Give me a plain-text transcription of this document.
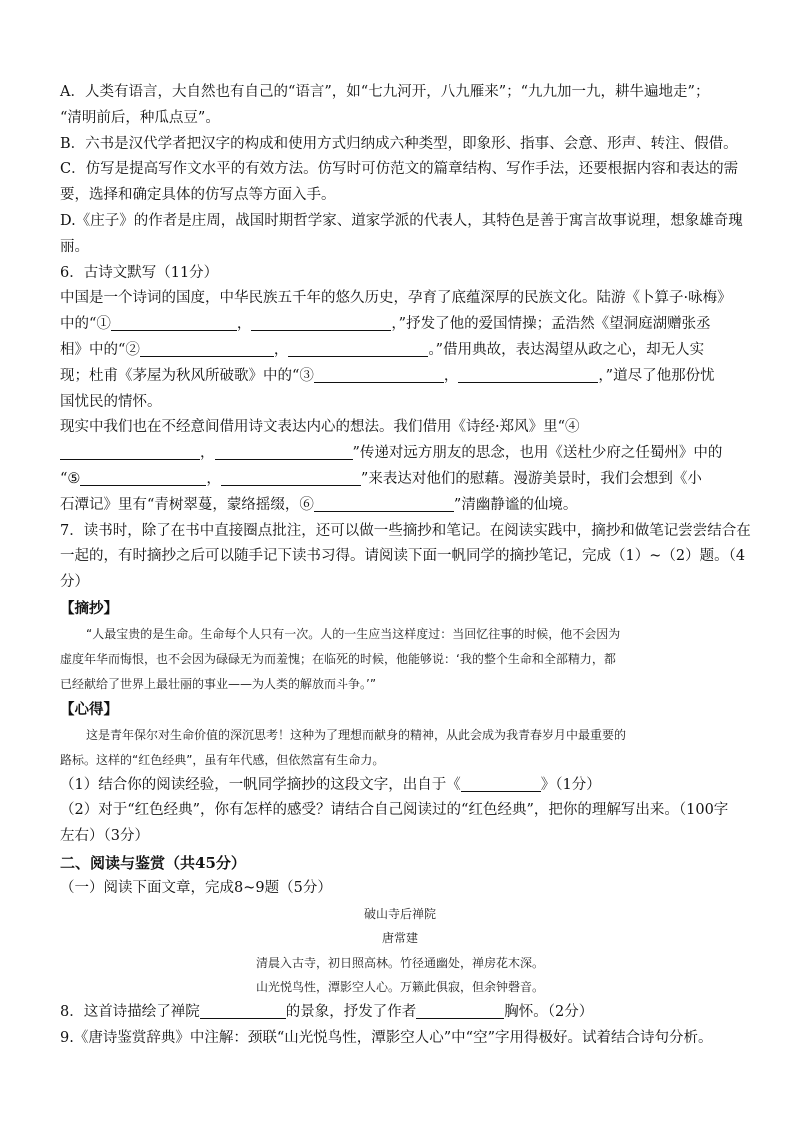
A．人类有语言，大自然也有自己的“语言”，如“七九河开，八九雁来”；“九九加一九，耕牛遍地走”；
“清明前后，种瓜点豆”。
B．六书是汉代学者把汉字的构成和使用方式归纳成六种类型，即象形、指事、会意、形声、转注、假借。
C．仿写是提高写作文水平的有效方法。仿写时可仿范文的篇章结构、写作手法，还要根据内容和表达的需
要，选择和确定具体的仿写点等方面入手。
D.《庄子》的作者是庄周，战国时期哲学家、道家学派的代表人，其特色是善于寓言故事说理，想象雄奇瑰
丽。
6．古诗文默写（11分）
中国是一个诗词的国度，中华民族五千年的悠久历史，孕育了底蕴深厚的民族文化。陆游《卜算子·咏梅》
中的“①	，	，”抒发了他的爱国情操；孟浩然《望洞庭湖赠张丞
相》中的“②	，	。”借用典故，表达渴望从政之心，却无人实
现；杜甫《茅屋为秋风所破歌》中的“③	，	，”道尽了他那份忧
国忧民的情怀。
现实中我们也在不经意间借用诗文表达内心的想法。我们借用《诗经·郑风》里“④
，	”传递对远方朋友的思念，也用《送杜少府之任蜀州》中的
“⑤	，	”来表达对他们的慰藉。漫游美景时，我们会想到《小
石潭记》里有“青树翠蔓，蒙络摇缀，⑥	”清幽静谧的仙境。
7．读书时，除了在书中直接圈点批注，还可以做一些摘抄和笔记。在阅读实践中，摘抄和做笔记尝尝结合在
一起的，有时摘抄之后可以随手记下读书习得。请阅读下面一帆同学的摘抄笔记，完成（1）~（2）题。（4
分）
【摘抄】
“人最宝贵的是生命。生命每个人只有一次。人的一生应当这样度过：当回忆往事的时候，他不会因为
虚度年华而悔恨，也不会因为碌碌无为而羞愧；在临死的时候，他能够说：‘我的整个生命和全部精力，都
已经献给了世界上最壮丽的事业——为人类的解放而斗争。’”
【心得】
这是青年保尔对生命价值的深沉思考！这种为了理想而献身的精神，从此会成为我青春岁月中最重要的
路标。这样的“红色经典”，虽有年代感，但依然富有生命力。
（1）结合你的阅读经验，一帆同学摘抄的这段文字，出自于《	》（1分）
（2）对于“红色经典”，你有怎样的感受？请结合自己阅读过的“红色经典”，把你的理解写出来。（100字
左右）（3分）
二、阅读与鉴赏（共45分）
（一）阅读下面文章，完成8~9题（5分）
破山寺后禅院
唐常建
清晨入古寺，初日照高林。竹径通幽处，禅房花木深。
山光悦鸟性，潭影空人心。万籁此俱寂，但余钟磬音。
8．这首诗描绘了禅院	的景象，抒发了作者	胸怀。（2分）
9.《唐诗鉴赏辞典》中注解：颈联“山光悦鸟性，潭影空人心”中“空”字用得极好。试着结合诗句分析。
